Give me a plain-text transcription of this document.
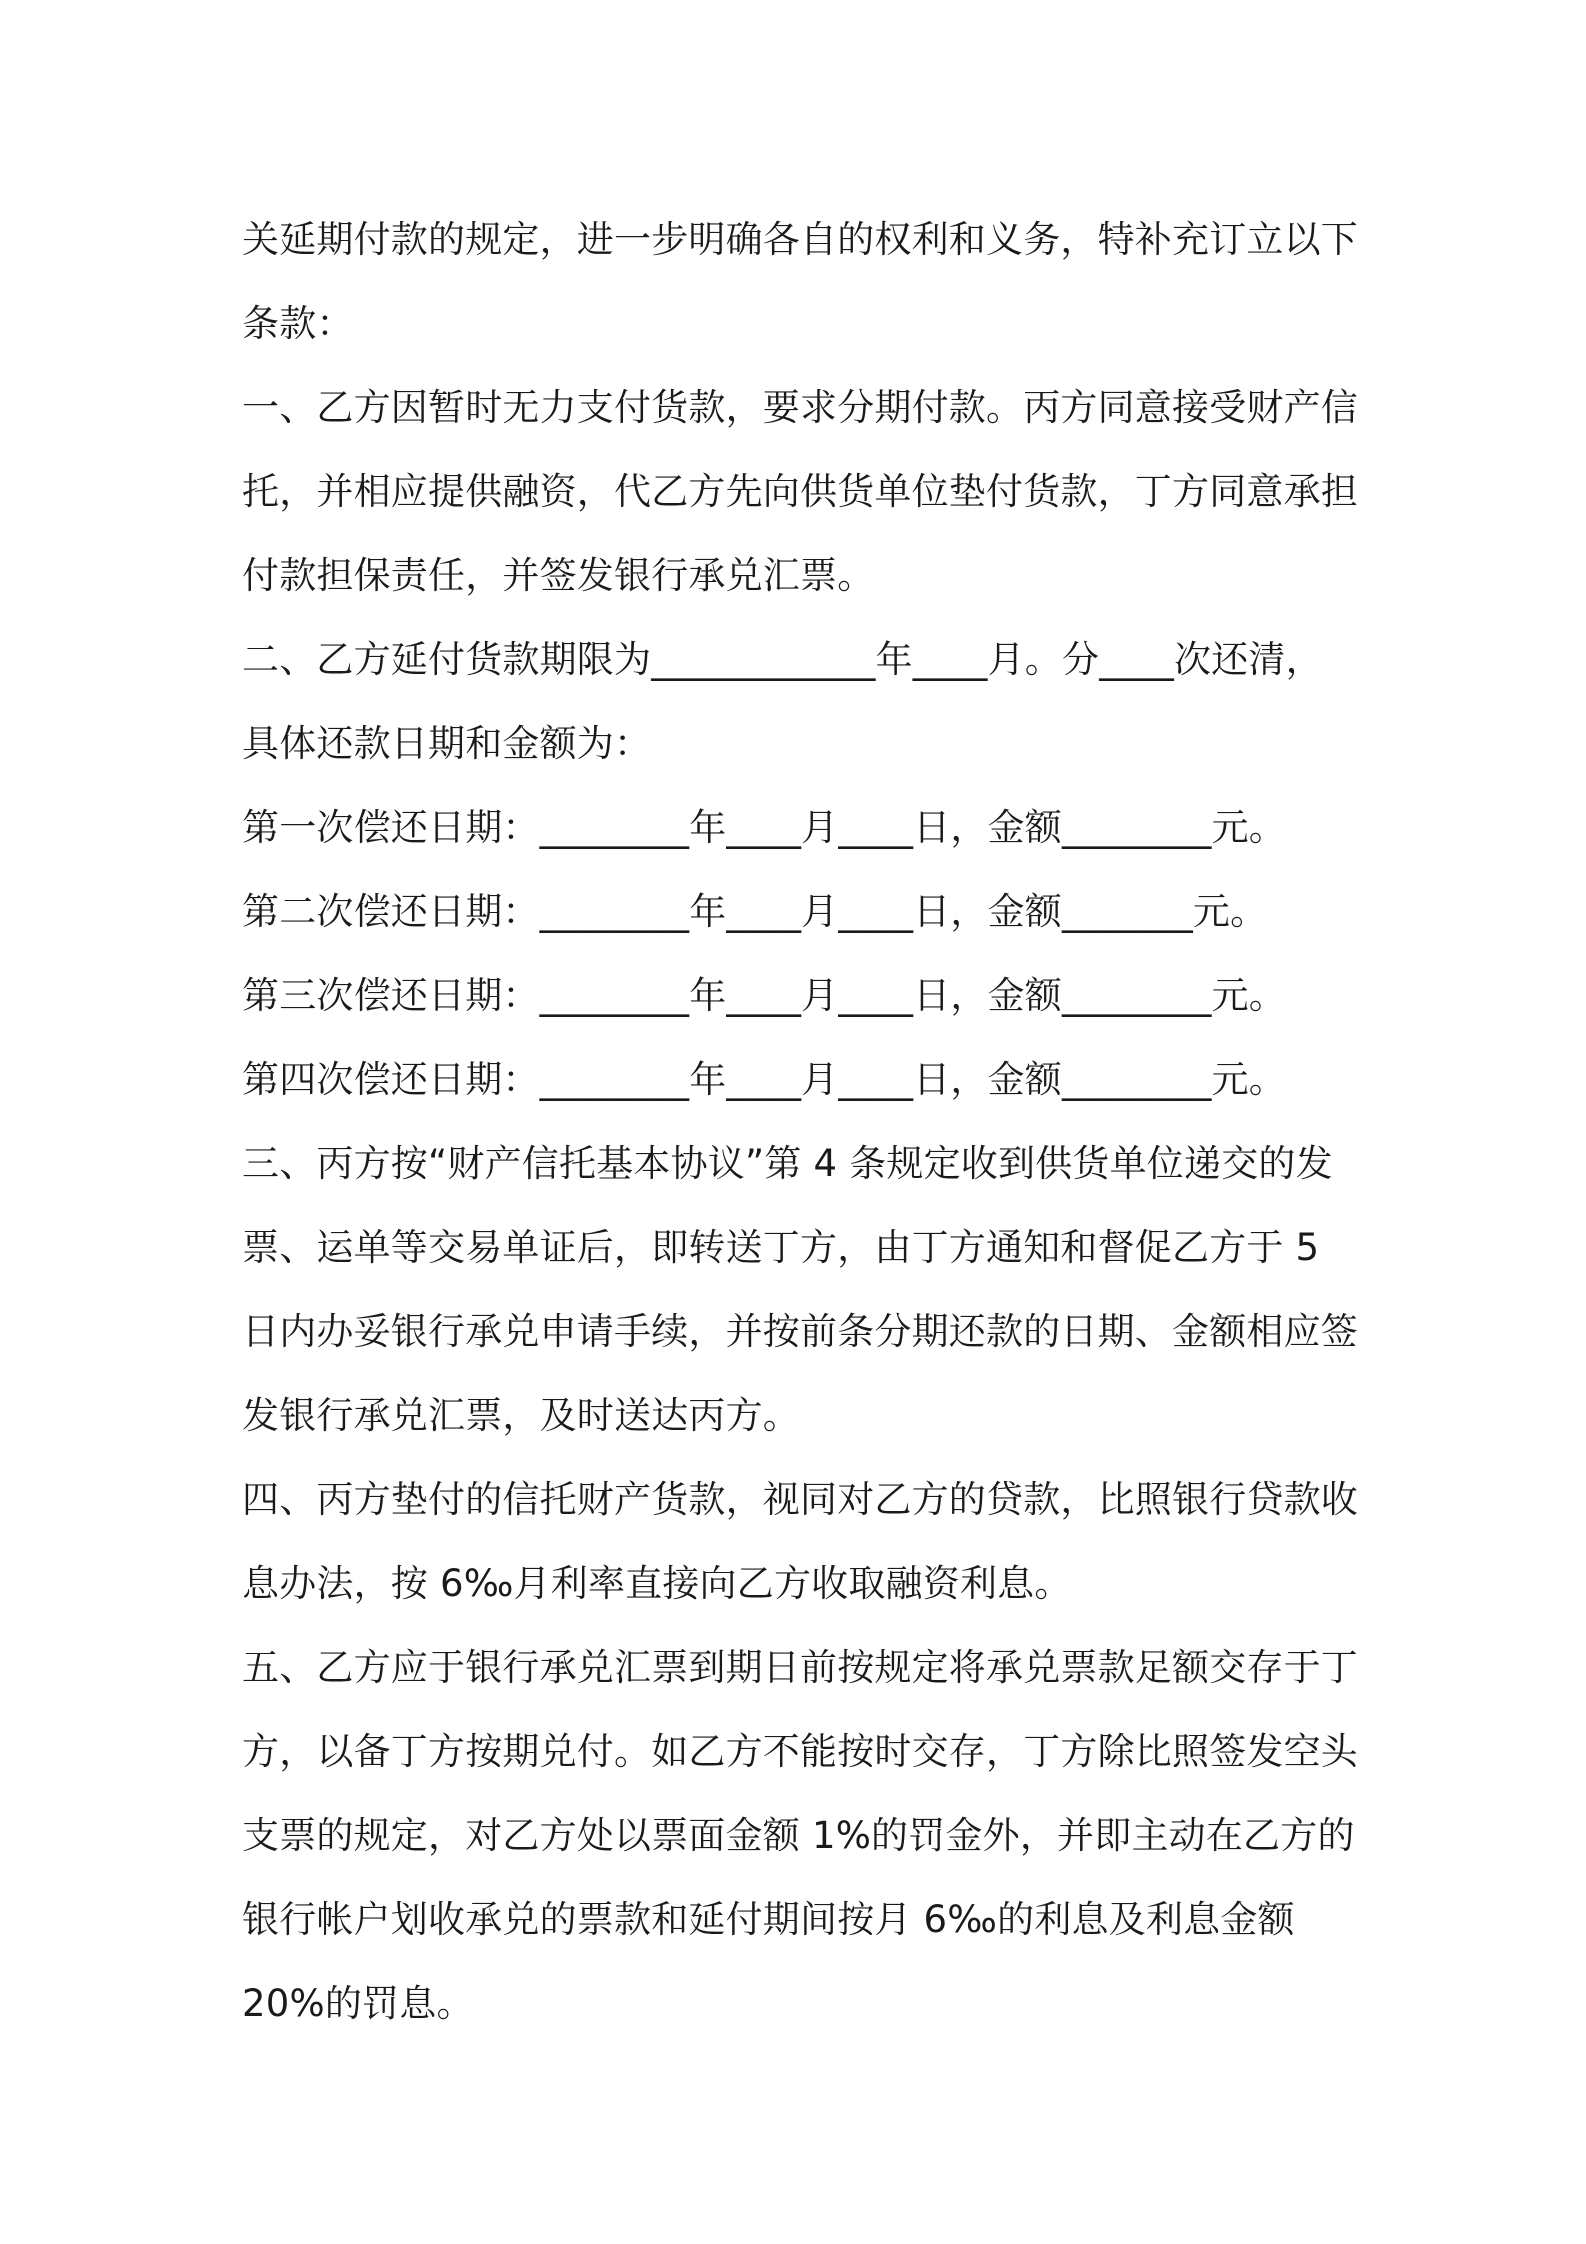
关延期付款的规定，进一步明确各自的权利和义务，特补充订立以下
条款：
一、乙方因暂时无力支付货款，要求分期付款。丙方同意接受财产信
托，并相应提供融资，代乙方先向供货单位垫付货款，丁方同意承担
付款担保责任，并签发银行承兑汇票。
二、乙方延付货款期限为____________年____月。分____次还清，
具体还款日期和金额为：
第一次偿还日期：________年____月____日，金额________元。
第二次偿还日期：________年____月____日，金额_______元。
第三次偿还日期：________年____月____日，金额________元。
第四次偿还日期：________年____月____日，金额________元。
三、丙方按“财产信托基本协议”第 4 条规定收到供货单位递交的发
票、运单等交易单证后，即转送丁方，由丁方通知和督促乙方于 5
日内办妥银行承兑申请手续，并按前条分期还款的日期、金额相应签
发银行承兑汇票，及时送达丙方。
四、丙方垫付的信托财产货款，视同对乙方的贷款，比照银行贷款收
息办法，按 6‰月利率直接向乙方收取融资利息。
五、乙方应于银行承兑汇票到期日前按规定将承兑票款足额交存于丁
方，以备丁方按期兑付。如乙方不能按时交存，丁方除比照签发空头
支票的规定，对乙方处以票面金额 1%的罚金外，并即主动在乙方的
银行帐户划收承兑的票款和延付期间按月 6‰的利息及利息金额
20%的罚息。
